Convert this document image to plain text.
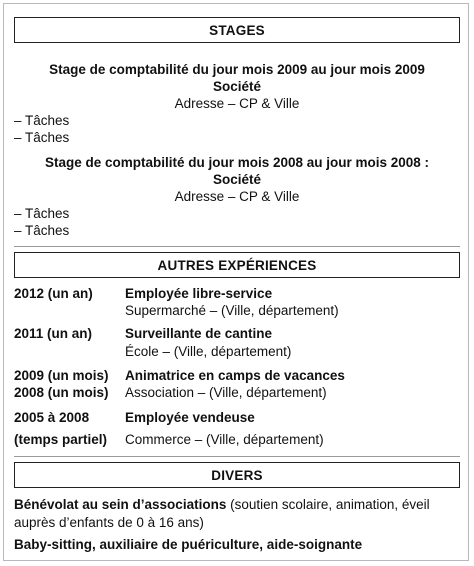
STAGES
Stage de comptabilité du jour mois 2009 au jour mois 2009
Société
Adresse – CP & Ville
– Tâches
– Tâches
Stage de comptabilité du jour mois 2008 au jour mois 2008 :
Société
Adresse – CP & Ville
– Tâches
– Tâches
AUTRES EXPÉRIENCES
2012 (un an) Employée libre-service
Supermarché – (Ville, département)
2011 (un an) Surveillante de cantine
École – (Ville, département)
2009 (un mois)
2008 (un mois)
Animatrice en camps de vacances
Association – (Ville, département)
2005 à 2008
(temps partiel)
Employée vendeuse
Commerce – (Ville, département)
DIVERS
Bénévolat au sein d’associations (soutien scolaire, animation, éveil auprès d’enfants de 0 à 16 ans)
Baby-sitting, auxiliaire de puériculture, aide-soignante
